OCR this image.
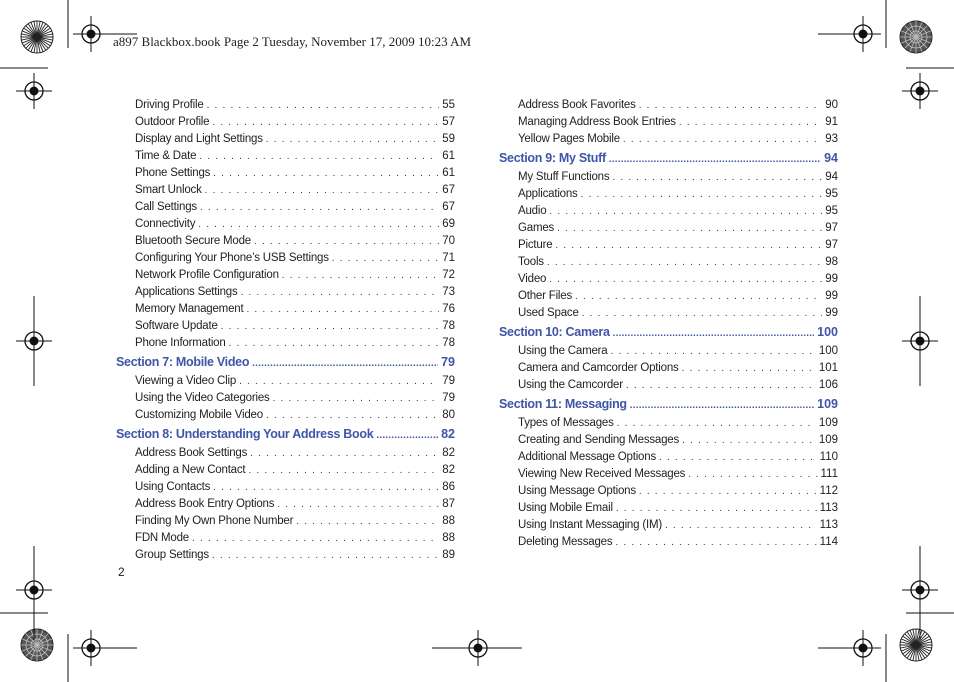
a897 Blackbox.book Page 2 Tuesday, November 17, 2009 10:23 AM
Driving Profile . . .	55
Outdoor Profile . . .	57
Display and Light Settings . . .	59
Time & Date . . .	61
Phone Settings . . .	61
Smart Unlock . . .	67
Call Settings . . .	67
Connectivity . . .	69
Bluetooth Secure Mode . . .	70
Configuring Your Phone’s USB Settings . . .	71
Network Profile Configuration . . .	72
Applications Settings . . .	73
Memory Management . . .	76
Software Update . . .	78
Phone Information . . .	78
Section 7: Mobile Video .....	79
Viewing a Video Clip . . .	79
Using the Video Categories . . .	79
Customizing Mobile Video . . .	80
Section 8: Understanding Your Address Book .....	82
Address Book Settings . . .	82
Adding a New Contact . . .	82
Using Contacts . . .	86
Address Book Entry Options . . .	87
Finding My Own Phone Number . . .	88
FDN Mode . . .	88
Group Settings . . .	89
Address Book Favorites . . .	90
Managing Address Book Entries . . .	91
Yellow Pages Mobile . . .	93
Section 9: My Stuff .....	94
My Stuff Functions . . .	94
Applications . . .	95
Audio . . .	95
Games . . .	97
Picture . . .	97
Tools . . .	98
Video . . .	99
Other Files . . .	99
Used Space . . .	99
Section 10: Camera .....	100
Using the Camera . . .	100
Camera and Camcorder Options . . .	101
Using the Camcorder . . .	106
Section 11: Messaging .....	109
Types of Messages . . .	109
Creating and Sending Messages . . .	109
Additional Message Options . . .	110
Viewing New Received Messages . . .	111
Using Message Options . . .	112
Using Mobile Email . . .	113
Using Instant Messaging (IM) . . .	113
Deleting Messages . . .	114
2
